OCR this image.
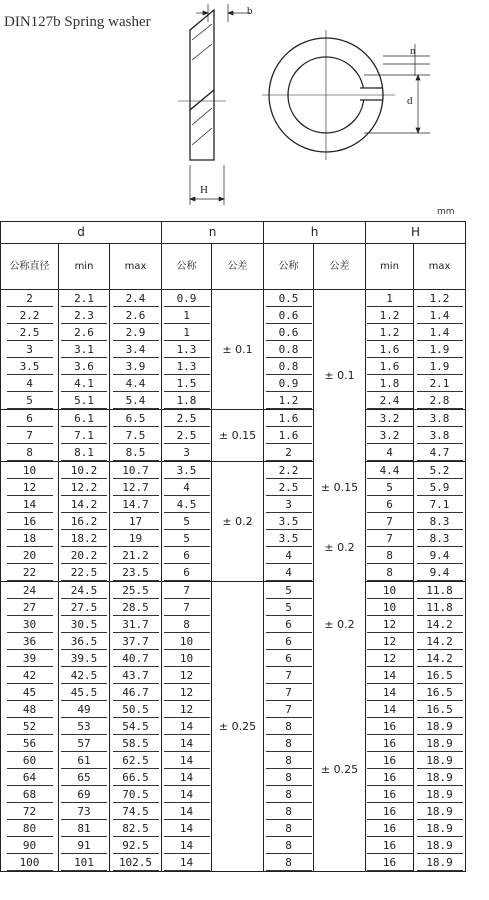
DIN127b Spring washer
b
H
n
d
mm
d			n		h		H	
公称直径	min	max	公称	公差	公称	公差	min	max
2	2.1	2.4	0.9	± 0.1	0.5	± 0.1	1	1.2
2.2	2.3	2.6	1		0.6		1.2	1.4
2.5	2.6	2.9	1		0.6		1.2	1.4
3	3.1	3.4	1.3		0.8		1.6	1.9
3.5	3.6	3.9	1.3		0.8		1.6	1.9
4	4.1	4.4	1.5		0.9		1.8	2.1
5	5.1	5.4	1.8		1.2		2.4	2.8
6	6.1	6.5	2.5	± 0.15	1.6		3.2	3.8
7	7.1	7.5	2.5		1.6		3.2	3.8
8	8.1	8.5	3		2		4	4.7
10	10.2	10.7	3.5	± 0.2	2.2	± 0.15	4.4	5.2
12	12.2	12.7	4		2.5		5	5.9
14	14.2	14.7	4.5		3		6	7.1
16	16.2	17	5		3.5	± 0.2	7	8.3
18	18.2	19	5		3.5		7	8.3
20	20.2	21.2	6		4		8	9.4
22	22.5	23.5	6		4		8	9.4
24	24.5	25.5	7	± 0.25	5	± 0.2	10	11.8
27	27.5	28.5	7		5		10	11.8
30	30.5	31.7	8		6		12	14.2
36	36.5	37.7	10		6		12	14.2
39	39.5	40.7	10		6		12	14.2
42	42.5	43.7	12		7	± 0.25	14	16.5
45	45.5	46.7	12		7		14	16.5
48	49	50.5	12		7		14	16.5
52	53	54.5	14		8		16	18.9
56	57	58.5	14		8		16	18.9
60	61	62.5	14		8		16	18.9
64	65	66.5	14		8		16	18.9
68	69	70.5	14		8		16	18.9
72	73	74.5	14		8		16	18.9
80	81	82.5	14		8		16	18.9
90	91	92.5	14		8		16	18.9
100	101	102.5	14		8		16	18.9
